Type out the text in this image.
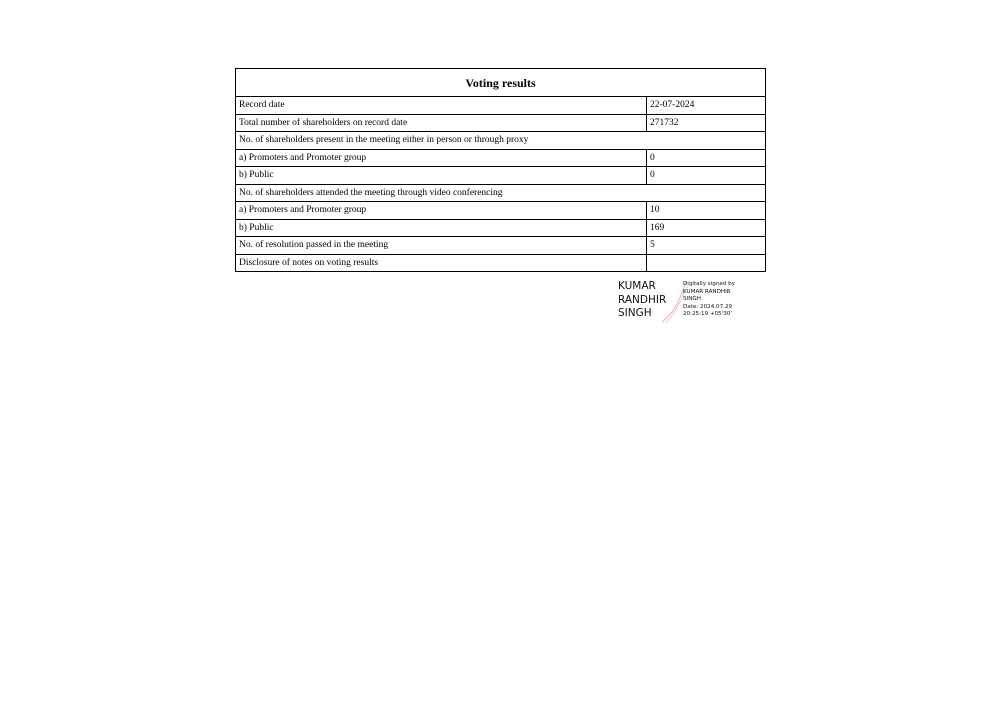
Voting results	
Record date	22-07-2024
Total number of shareholders on record date	271732
No. of shareholders present in the meeting either in person or through proxy	
a) Promoters and Promoter group	0
b) Public	0
No. of shareholders attended the meeting through video conferencing	
a) Promoters and Promoter group	10
b) Public	169
No. of resolution passed in the meeting	5
Disclosure of notes on voting results	
KUMAR
RANDHIR
SINGH
Digitally signed by
KUMAR RANDHIR
SINGH
Date: 2024.07.29
20:25:19 +05'30'
